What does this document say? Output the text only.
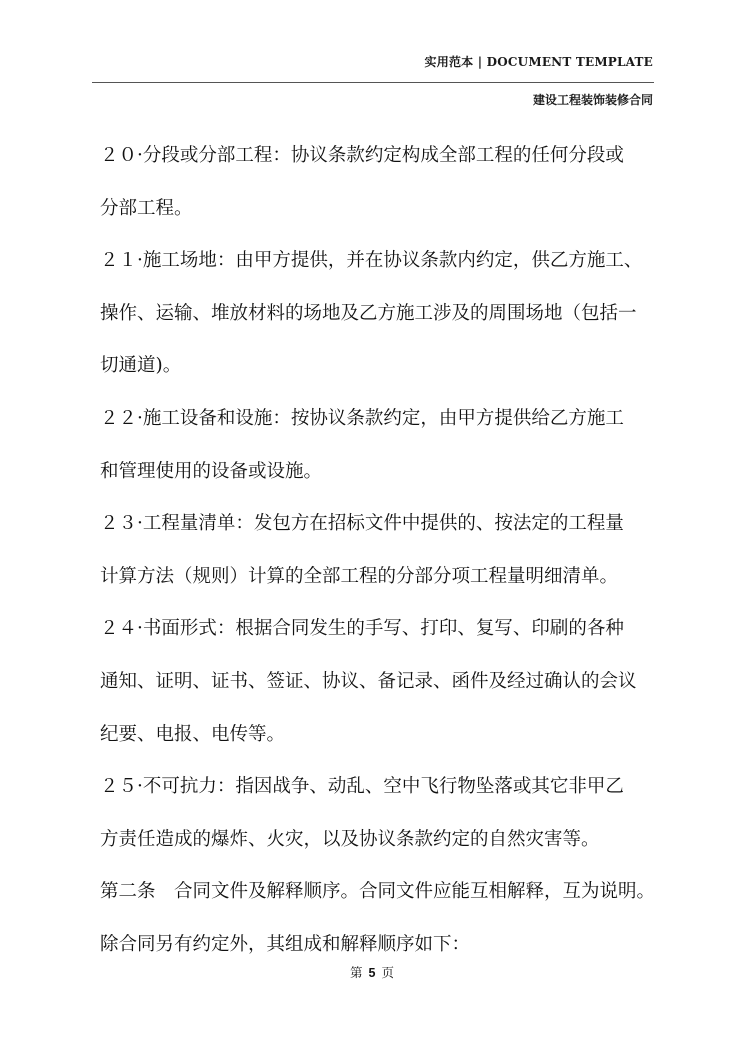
实用范本 | DOCUMENT TEMPLATE
建设工程装饰装修合同
２０·分段或分部工程：协议条款约定构成全部工程的任何分段或
分部工程。
２１·施工场地：由甲方提供，并在协议条款内约定，供乙方施工、
操作、运输、堆放材料的场地及乙方施工涉及的周围场地（包括一
切通道)。
２２·施工设备和设施：按协议条款约定，由甲方提供给乙方施工
和管理使用的设备或设施。
２３·工程量清单：发包方在招标文件中提供的、按法定的工程量
计算方法（规则）计算的全部工程的分部分项工程量明细清单。
２４·书面形式：根据合同发生的手写、打印、复写、印刷的各种
通知、证明、证书、签证、协议、备记录、函件及经过确认的会议
纪要、电报、电传等。
２５·不可抗力：指因战争、动乱、空中飞行物坠落或其它非甲乙
方责任造成的爆炸、火灾，以及协议条款约定的自然灾害等。
第二条　合同文件及解释顺序。合同文件应能互相解释，互为说明。
除合同另有约定外，其组成和解释顺序如下：
第 5 页
